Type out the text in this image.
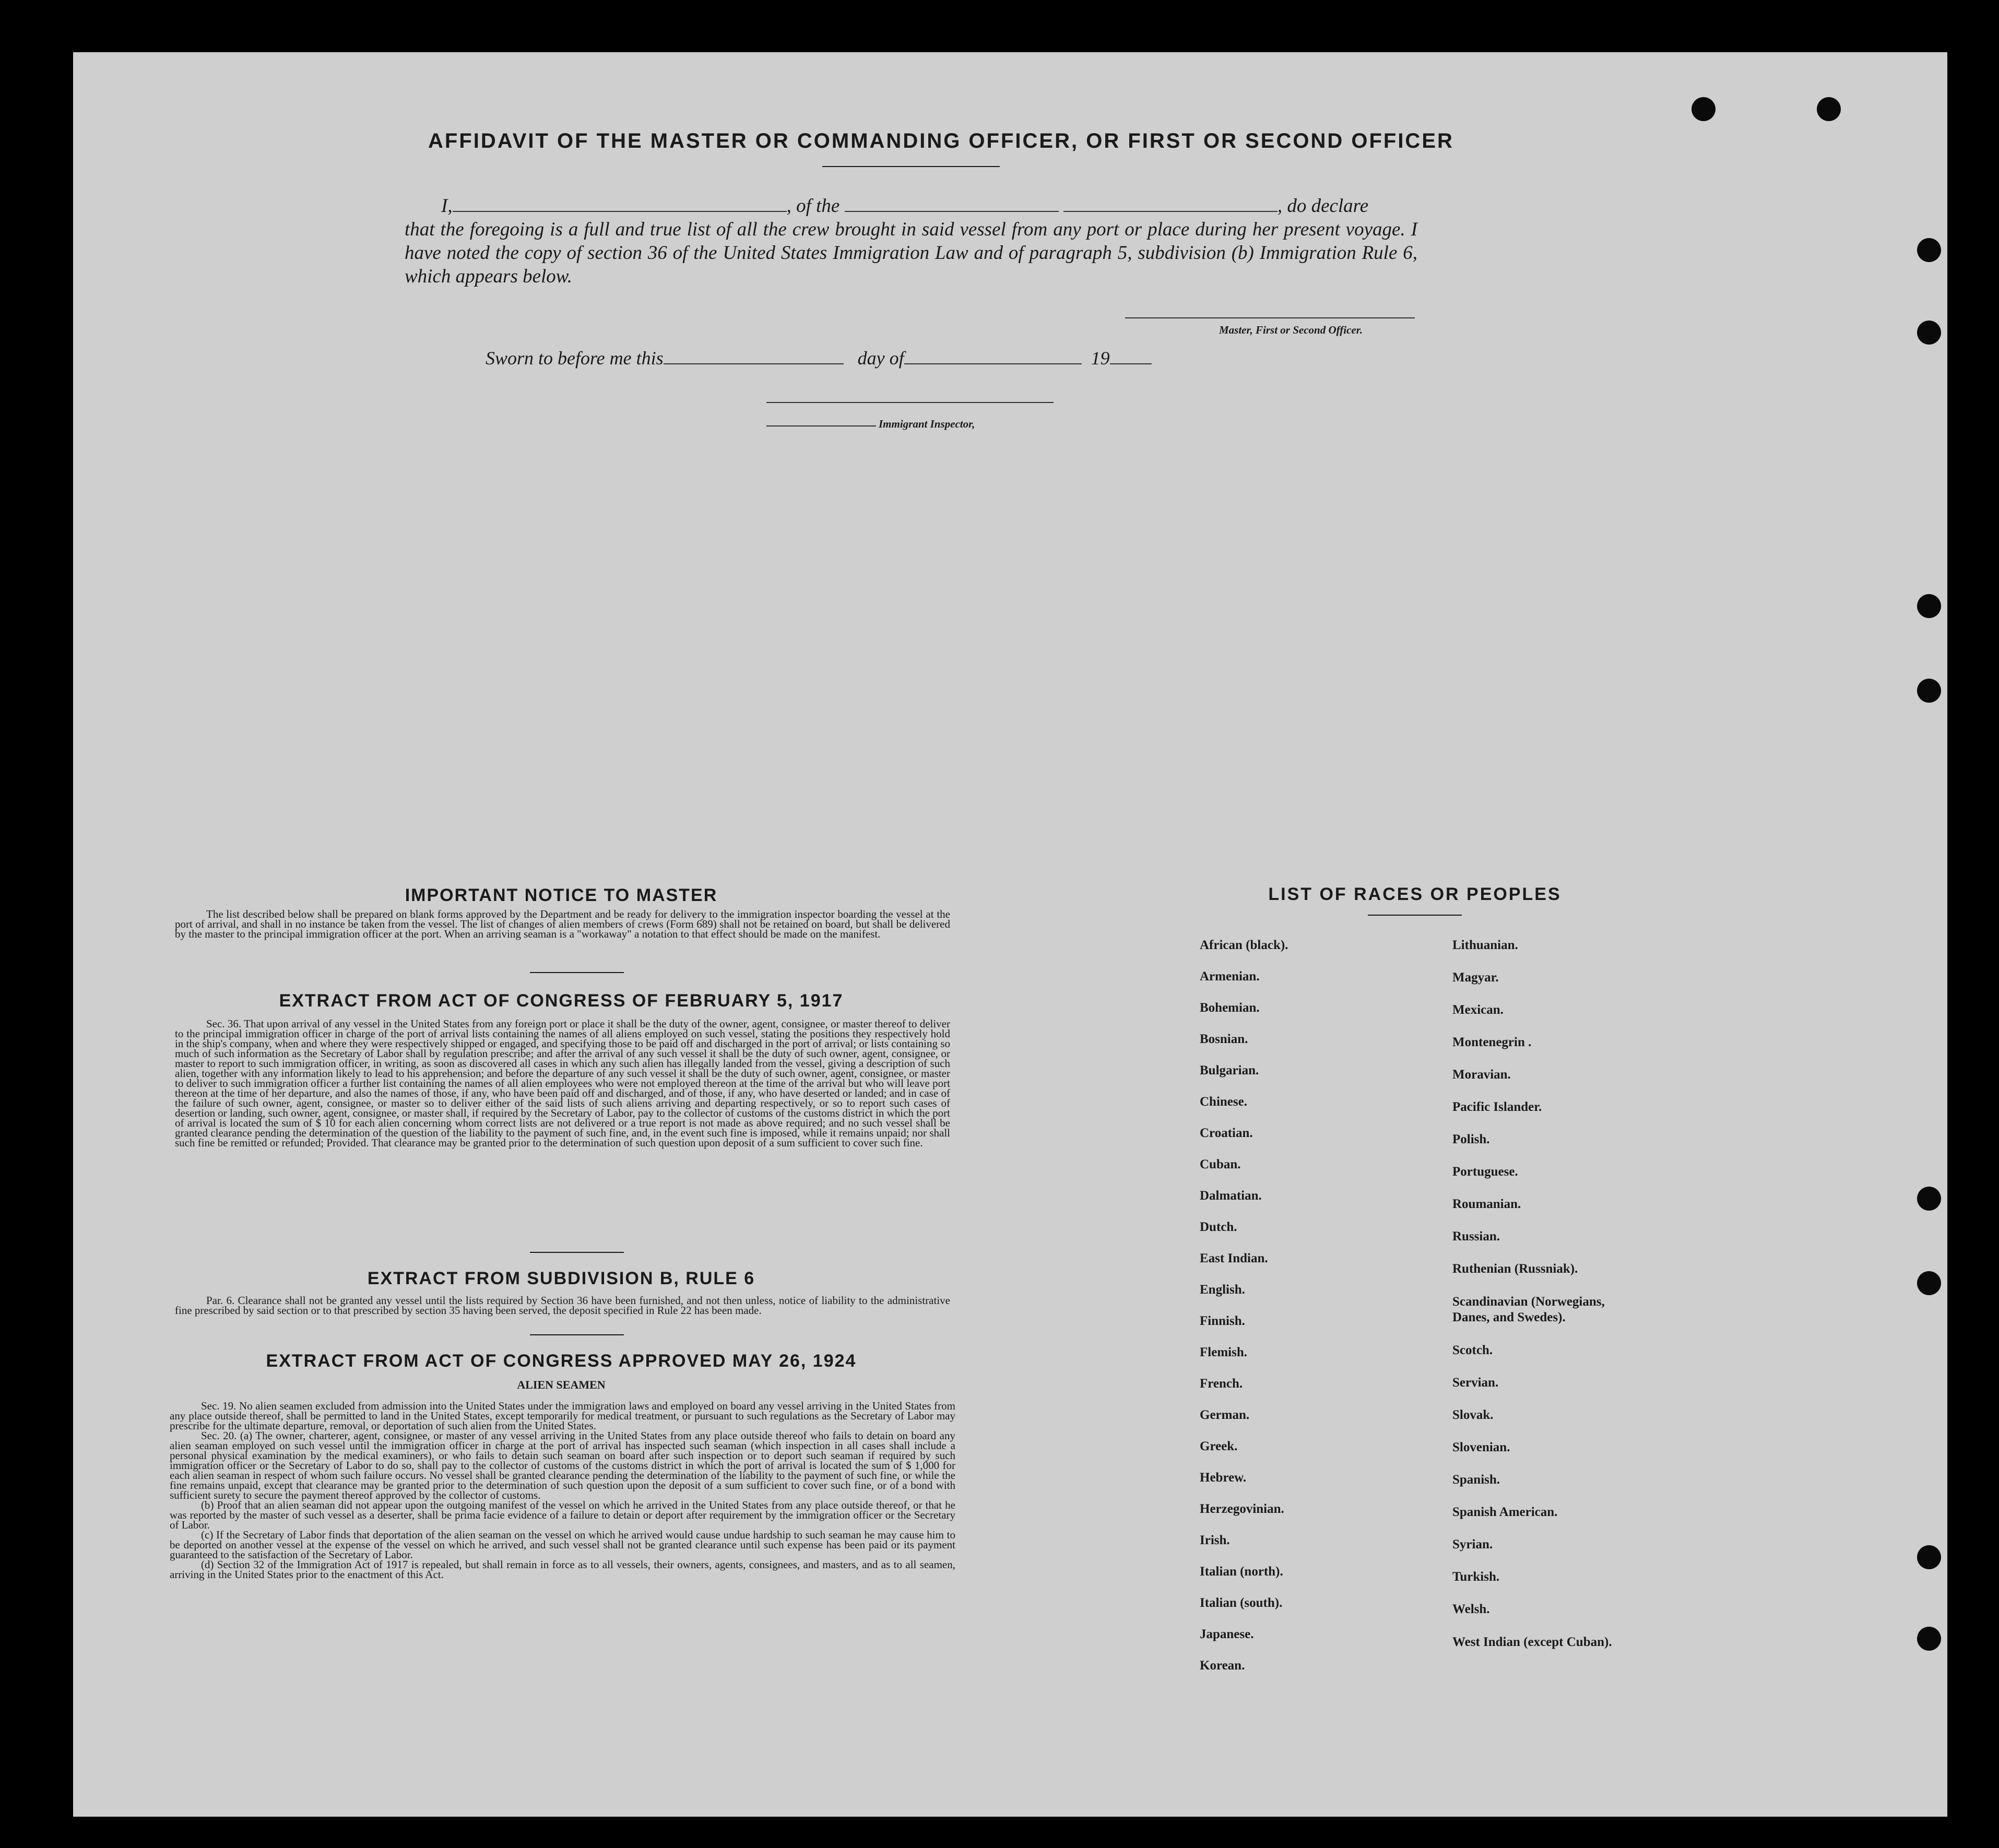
AFFIDAVIT OF THE MASTER OR COMMANDING OFFICER, OR FIRST OR SECOND OFFICER
I,	, of the	, do declare
that the foregoing is a full and true list of all the crew brought in said vessel from any port or place during her present voyage. I have noted the copy of section 36 of the United States Immigration Law and of paragraph 5, subdivision (b) Immigration Rule 6, which appears below.
Master, First or Second Officer.
Sworn to before me this	day of	19
Immigrant Inspector,
IMPORTANT NOTICE TO MASTER

The list described below shall be prepared on blank forms approved by the Department and be ready for delivery to the immigration inspector boarding the vessel at the port of arrival, and shall in no instance be taken from the vessel. The list of changes of alien members of crews (Form 689) shall not be retained on board, but shall be delivered by the master to the principal immigration officer at the port. When an arriving seaman is a "workaway" a notation to that effect should be made on the manifest.

EXTRACT FROM ACT OF CONGRESS OF FEBRUARY 5, 1917

Sec. 36. That upon arrival of any vessel in the United States from any foreign port or place it shall be the duty of the owner, agent, consignee, or master thereof to deliver to the principal immigration officer in charge of the port of arrival lists containing the names of all aliens employed on such vessel, stating the positions they respectively hold in the ship's company, when and where they were respectively shipped or engaged, and specifying those to be paid off and discharged in the port of arrival; or lists containing so much of such information as the Secretary of Labor shall by regulation prescribe; and after the arrival of any such vessel it shall be the duty of such owner, agent, consignee, or master to report to such immigration officer, in writing, as soon as discovered all cases in which any such alien has illegally landed from the vessel, giving a description of such alien, together with any information likely to lead to his apprehension; and before the departure of any such vessel it shall be the duty of such owner, agent, consignee, or master to deliver to such immigration officer a further list containing the names of all alien employees who were not employed thereon at the time of the arrival but who will leave port thereon at the time of her departure, and also the names of those, if any, who have been paid off and discharged, and of those, if any, who have deserted or landed; and in case of the failure of such owner, agent, consignee, or master so to deliver either of the said lists of such aliens arriving and departing respectively, or so to report such cases of desertion or landing, such owner, agent, consignee, or master shall, if required by the Secretary of Labor, pay to the collector of customs of the customs district in which the port of arrival is located the sum of $ 10 for each alien concerning whom correct lists are not delivered or a true report is not made as above required; and no such vessel shall be granted clearance pending the determination of the question of the liability to the payment of such fine, and, in the event such fine is imposed, while it remains unpaid; nor shall such fine be remitted or refunded; Provided. That clearance may be granted prior to the determination of such question upon deposit of a sum sufficient to cover such fine.

EXTRACT FROM SUBDIVISION B, RULE 6

Par. 6. Clearance shall not be granted any vessel until the lists required by Section 36 have been furnished, and not then unless, notice of liability to the administrative fine prescribed by said section or to that prescribed by section 35 having been served, the deposit specified in Rule 22 has been made.

EXTRACT FROM ACT OF CONGRESS APPROVED MAY 26, 1924
ALIEN SEAMEN

Sec. 19. No alien seamen excluded from admission into the United States under the immigration laws and employed on board any vessel arriving in the United States from any place outside thereof, shall be permitted to land in the United States, except temporarily for medical treatment, or pursuant to such regulations as the Secretary of Labor may prescribe for the ultimate departure, removal, or deportation of such alien from the United States.

Sec. 20. (a) The owner, charterer, agent, consignee, or master of any vessel arriving in the United States from any place outside thereof who fails to detain on board any alien seaman employed on such vessel until the immigration officer in charge at the port of arrival has inspected such seaman (which inspection in all cases shall include a personal physical examination by the medical examiners), or who fails to detain such seaman on board after such inspection or to deport such seaman if required by such immigration officer or the Secretary of Labor to do so, shall pay to the collector of customs of the customs district in which the port of arrival is located the sum of $ 1,000 for each alien seaman in respect of whom such failure occurs. No vessel shall be granted clearance pending the determination of the liability to the payment of such fine, or while the fine remains unpaid, except that clearance may be granted prior to the determination of such question upon the deposit of a sum sufficient to cover such fine, or of a bond with sufficient surety to secure the payment thereof approved by the collector of customs.

(b) Proof that an alien seaman did not appear upon the outgoing manifest of the vessel on which he arrived in the United States from any place outside thereof, or that he was reported by the master of such vessel as a deserter, shall be prima facie evidence of a failure to detain or deport after requirement by the immigration officer or the Secretary of Labor.

(c) If the Secretary of Labor finds that deportation of the alien seaman on the vessel on which he arrived would cause undue hardship to such seaman he may cause him to be deported on another vessel at the expense of the vessel on which he arrived, and such vessel shall not be granted clearance until such expense has been paid or its payment guaranteed to the satisfaction of the Secretary of Labor.

(d) Section 32 of the Immigration Act of 1917 is repealed, but shall remain in force as to all vessels, their owners, agents, consignees, and masters, and as to all seamen, arriving in the United States prior to the enactment of this Act.

LIST OF RACES OR PEOPLES
African (black).
Armenian.
Bohemian.
Bosnian.
Bulgarian.
Chinese.
Croatian.
Cuban.
Dalmatian.
Dutch.
East Indian.
English.
Finnish.
Flemish.
French.
German.
Greek.
Hebrew.
Herzegovinian.
Irish.
Italian (north).
Italian (south).
Japanese.
Korean.
Lithuanian.
Magyar.
Mexican.
Montenegrin .
Moravian.
Pacific Islander.
Polish.
Portuguese.
Roumanian.
Russian.
Ruthenian (Russniak).
Scandinavian (Norwegians, Danes, and Swedes).
Scotch.
Servian.
Slovak.
Slovenian.
Spanish.
Spanish American.
Syrian.
Turkish.
Welsh.
West Indian (except Cuban).
